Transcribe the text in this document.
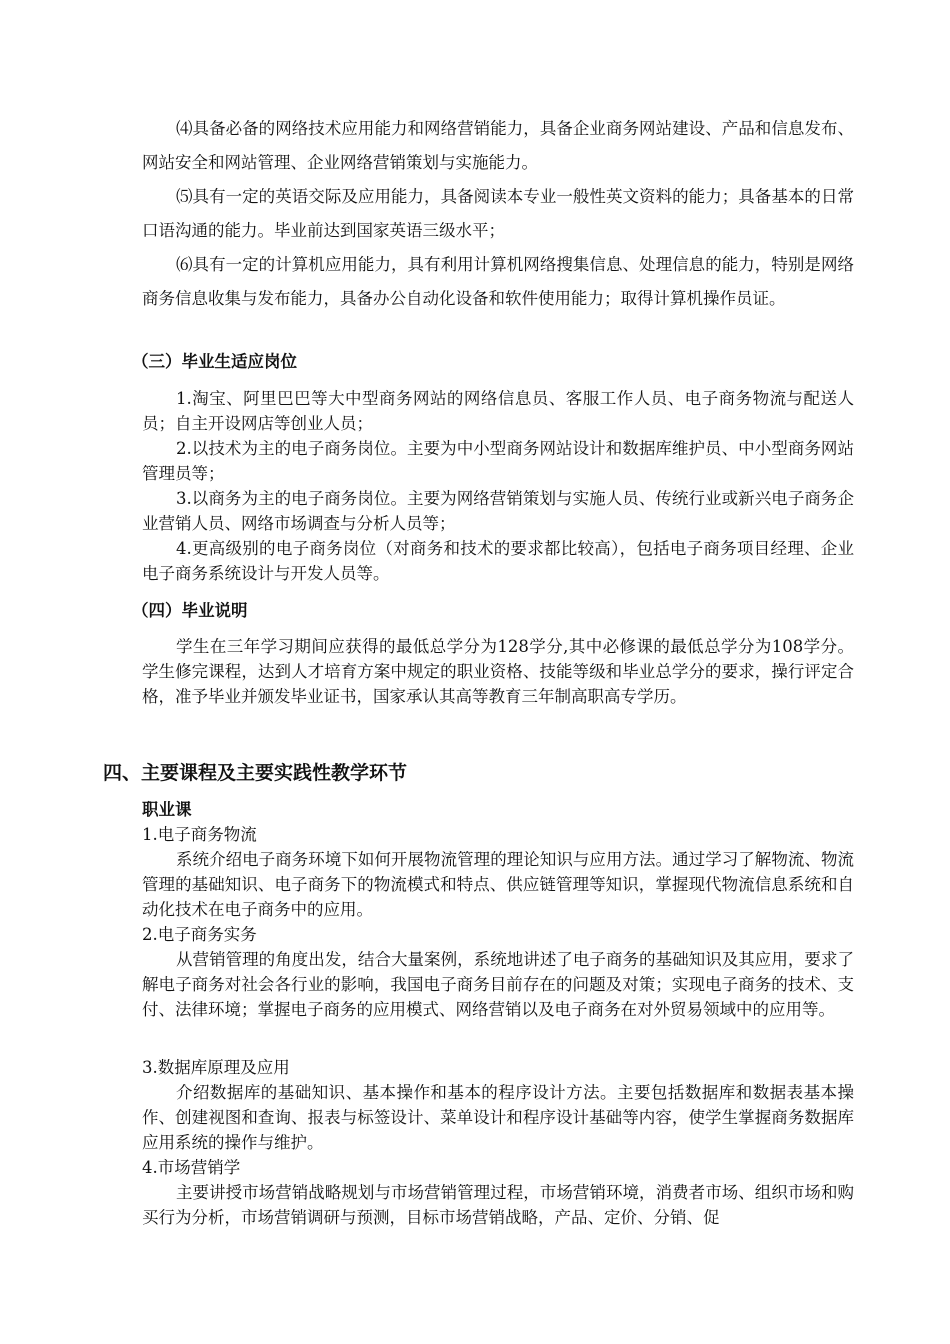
⑷具备必备的网络技术应用能力和网络营销能力，具备企业商务网站建设、产品和信息发布、网站安全和网站管理、企业网络营销策划与实施能力。

⑸具有一定的英语交际及应用能力，具备阅读本专业一般性英文资料的能力；具备基本的日常口语沟通的能力。毕业前达到国家英语三级水平；

⑹具有一定的计算机应用能力，具有利用计算机网络搜集信息、处理信息的能力，特别是网络商务信息收集与发布能力，具备办公自动化设备和软件使用能力；取得计算机操作员证。

（三）毕业生适应岗位

1.淘宝、阿里巴巴等大中型商务网站的网络信息员、客服工作人员、电子商务物流与配送人员；自主开设网店等创业人员；

2.以技术为主的电子商务岗位。主要为中小型商务网站设计和数据库维护员、中小型商务网站管理员等；

3.以商务为主的电子商务岗位。主要为网络营销策划与实施人员、传统行业或新兴电子商务企业营销人员、网络市场调查与分析人员等；

4.更高级别的电子商务岗位（对商务和技术的要求都比较高），包括电子商务项目经理、企业电子商务系统设计与开发人员等。

（四）毕业说明

学生在三年学习期间应获得的最低总学分为128学分,其中必修课的最低总学分为108学分。学生修完课程，达到人才培育方案中规定的职业资格、技能等级和毕业总学分的要求，操行评定合格，准予毕业并颁发毕业证书，国家承认其高等教育三年制高职高专学历。

四、主要课程及主要实践性教学环节

职业课

1.电子商务物流

系统介绍电子商务环境下如何开展物流管理的理论知识与应用方法。通过学习了解物流、物流管理的基础知识、电子商务下的物流模式和特点、供应链管理等知识，掌握现代物流信息系统和自动化技术在电子商务中的应用。

2.电子商务实务

从营销管理的角度出发，结合大量案例，系统地讲述了电子商务的基础知识及其应用，要求了解电子商务对社会各行业的影响，我国电子商务目前存在的问题及对策；实现电子商务的技术、支付、法律环境；掌握电子商务的应用模式、网络营销以及电子商务在对外贸易领域中的应用等。

3.数据库原理及应用

介绍数据库的基础知识、基本操作和基本的程序设计方法。主要包括数据库和数据表基本操作、创建视图和查询、报表与标签设计、菜单设计和程序设计基础等内容，使学生掌握商务数据库应用系统的操作与维护。

4.市场营销学

主要讲授市场营销战略规划与市场营销管理过程，市场营销环境，消费者市场、组织市场和购买行为分析，市场营销调研与预测，目标市场营销战略，产品、定价、分销、促
